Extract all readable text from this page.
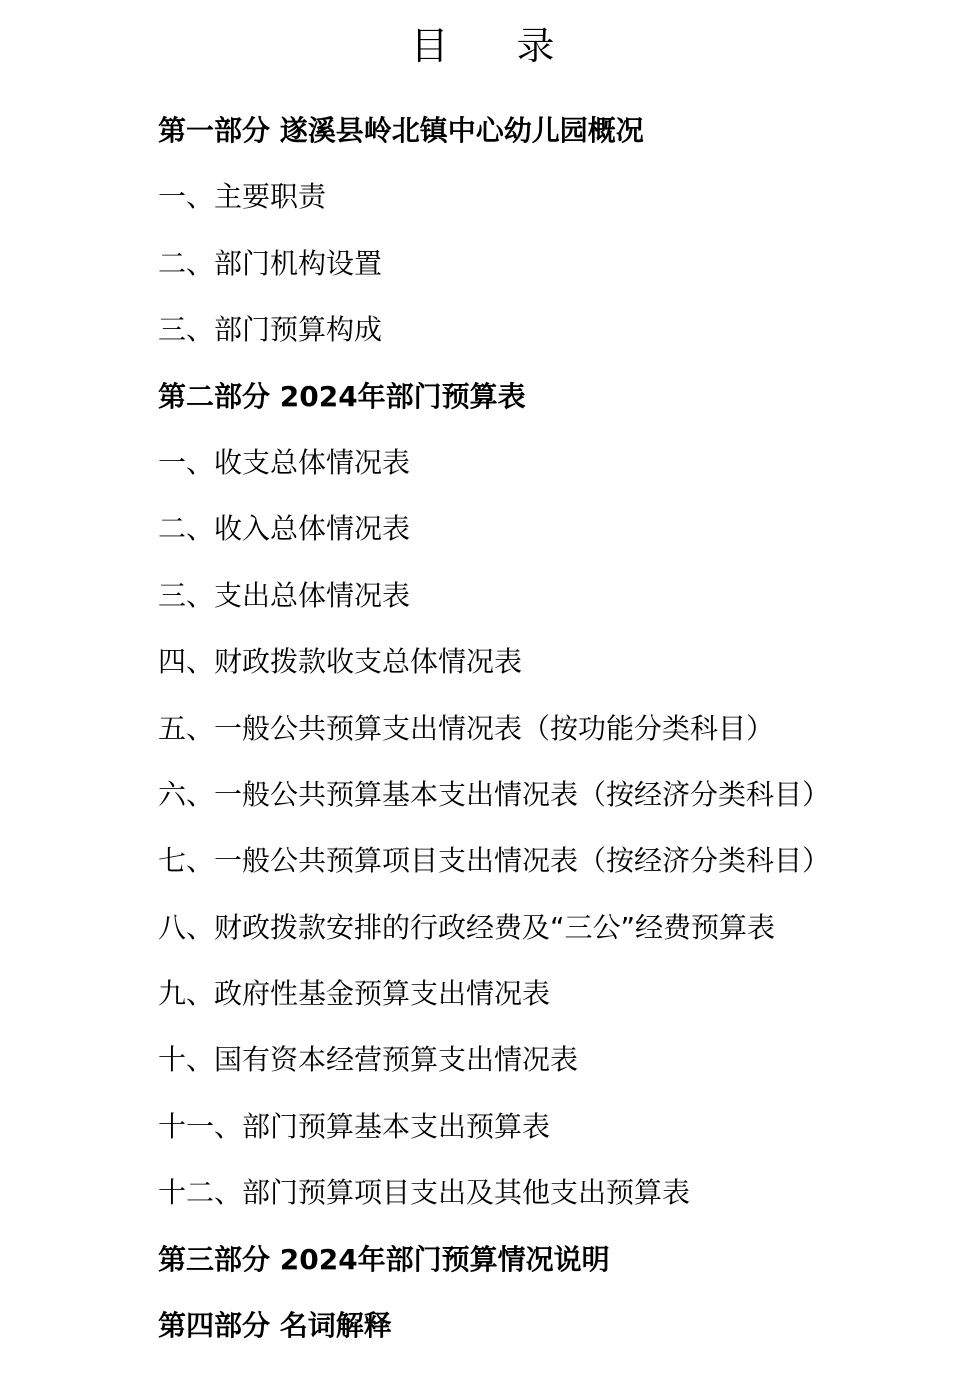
目 录
第一部分 遂溪县岭北镇中心幼儿园概况
一、主要职责
二、部门机构设置
三、部门预算构成
第二部分 2024年部门预算表
一、收支总体情况表
二、收入总体情况表
三、支出总体情况表
四、财政拨款收支总体情况表
五、一般公共预算支出情况表（按功能分类科目）
六、一般公共预算基本支出情况表（按经济分类科目）
七、一般公共预算项目支出情况表（按经济分类科目）
八、财政拨款安排的行政经费及“三公”经费预算表
九、政府性基金预算支出情况表
十、国有资本经营预算支出情况表
十一、部门预算基本支出预算表
十二、部门预算项目支出及其他支出预算表
第三部分 2024年部门预算情况说明
第四部分 名词解释
